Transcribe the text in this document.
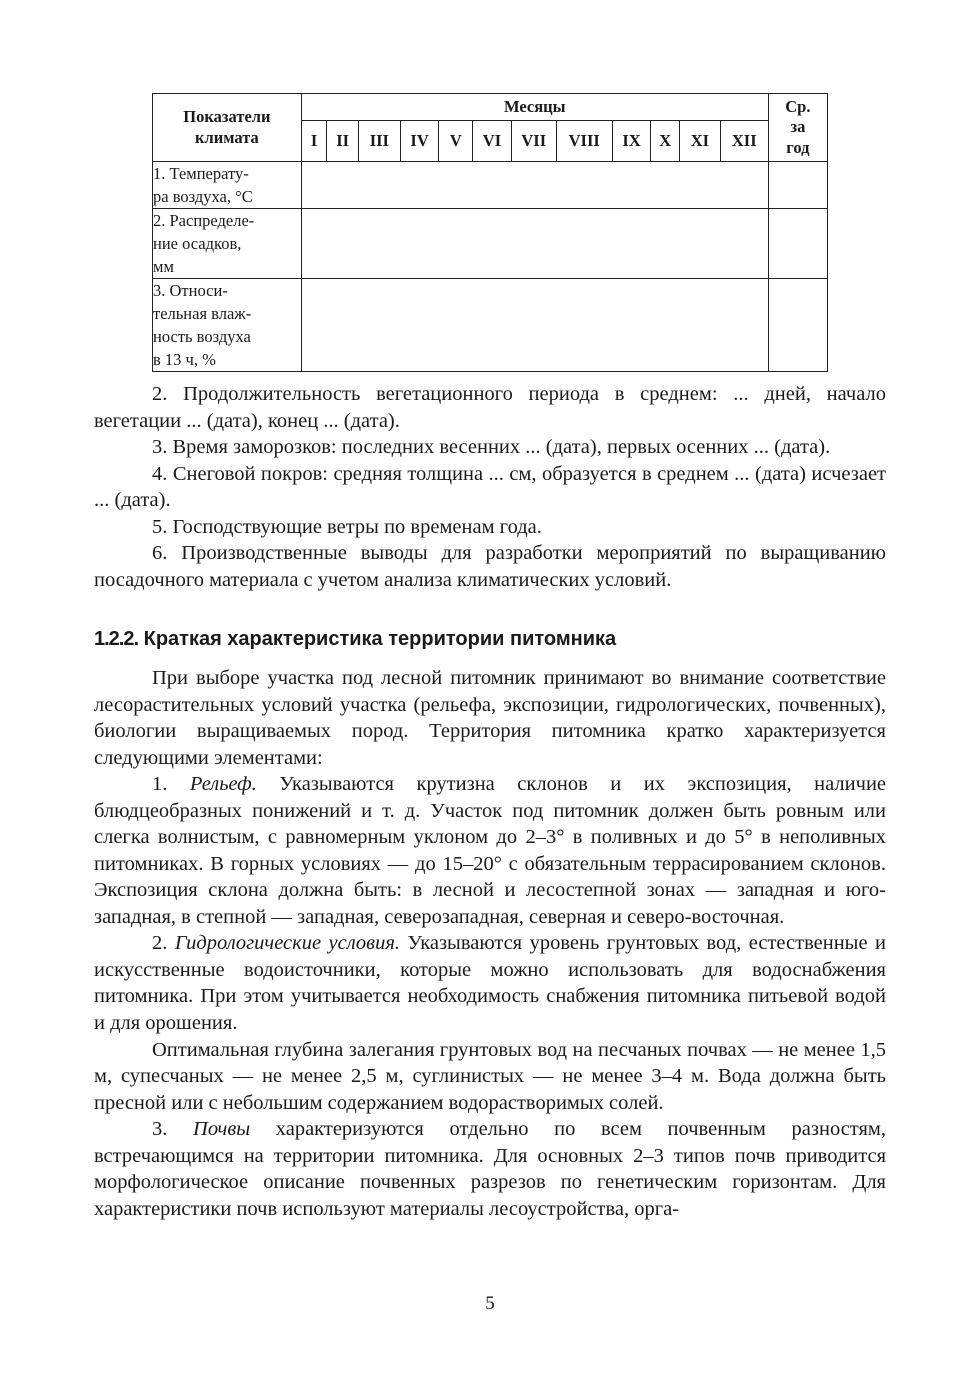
Показатели климата	Месяцы												Ср.
за
год
	I	II	III	IV	V	VI	VII	VIII	IX	X	XI	XII	
1. Температу-
ра воздуха, °С													
2. Распределе-
ние осадков,
мм													
3. Относи-
тельная влаж-
ность воздуха
в 13 ч, %													

2. Продолжительность вегетационного периода в среднем: ... дней, начало вегетации ... (дата), конец ... (дата).

3. Время заморозков: последних весенних ... (дата), первых осенних ... (дата).

4. Снеговой покров: средняя толщина ... см, образуется в среднем ... (дата) исчезает ... (дата).

5. Господствующие ветры по временам года.

6. Производственные выводы для разработки мероприятий по выращиванию посадочного материала с учетом анализа климатических условий.

1.2.2. Краткая характеристика территории питомника

При выборе участка под лесной питомник принимают во внимание соответствие лесорастительных условий участка (рельефа, экспозиции, гидрологических, почвенных), биологии выращиваемых пород. Территория питомника кратко характеризуется следующими элементами:

1. Рельеф. Указываются крутизна склонов и их экспозиция, наличие блюдцеобразных понижений и т. д. Участок под питомник должен быть ровным или слегка волнистым, с равномерным уклоном до 2–3° в поливных и до 5° в неполивных питомниках. В горных условиях — до 15–20° с обязательным террасированием склонов. Экспозиция склона должна быть: в лесной и лесостепной зонах — западная и юго-западная, в степной — западная, северозападная, северная и северо-восточная.

2. Гидрологические условия. Указываются уровень грунтовых вод, естественные и искусственные водоисточники, которые можно использовать для водоснабжения питомника. При этом учитывается необходимость снабжения питомника питьевой водой и для орошения.

Оптимальная глубина залегания грунтовых вод на песчаных почвах — не менее 1,5 м, супесчаных — не менее 2,5 м, суглинистых — не менее 3–4 м. Вода должна быть пресной или с небольшим содержанием водорастворимых солей.

3. Почвы характеризуются отдельно по всем почвенным разностям, встречающимся на территории питомника. Для основных 2–3 типов почв приводится морфологическое описание почвенных разрезов по генетическим горизонтам. Для характеристики почв используют материалы лесоустройства, орга-

5
